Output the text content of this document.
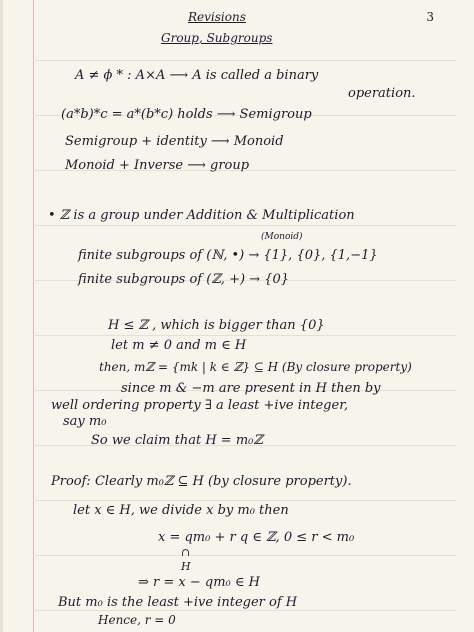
3
Revisions
Group, Subgroups
A ≠ ϕ * : A×A ⟶ A is called a binary
operation.
(a*b)*c = a*(b*c) holds ⟶ Semigroup
Semigroup + identity ⟶ Monoid
Monoid + Inverse ⟶ group
• ℤ is a group under Addition & Multiplication
(Monoid)
finite subgroups of (ℕ, •) → {1}, {0}, {1,−1}
finite subgroups of (ℤ, +) → {0}
H ≤ ℤ , which is bigger than {0}
let m ≠ 0 and m ∈ H
then, mℤ = {mk | k ∈ ℤ} ⊆ H (By closure property)
since m & −m are present in H then by
well ordering property ∃ a least +ive integer,
say m₀
So we claim that H = m₀ℤ
Proof: Clearly m₀ℤ ⊆ H (by closure property).
let x ∈ H, we divide x by m₀ then
x = qm₀ + r q ∈ ℤ, 0 ≤ r < m₀
∩
H
⇒ r = x − qm₀ ∈ H
But m₀ is the least +ive integer of H
Hence, r = 0
